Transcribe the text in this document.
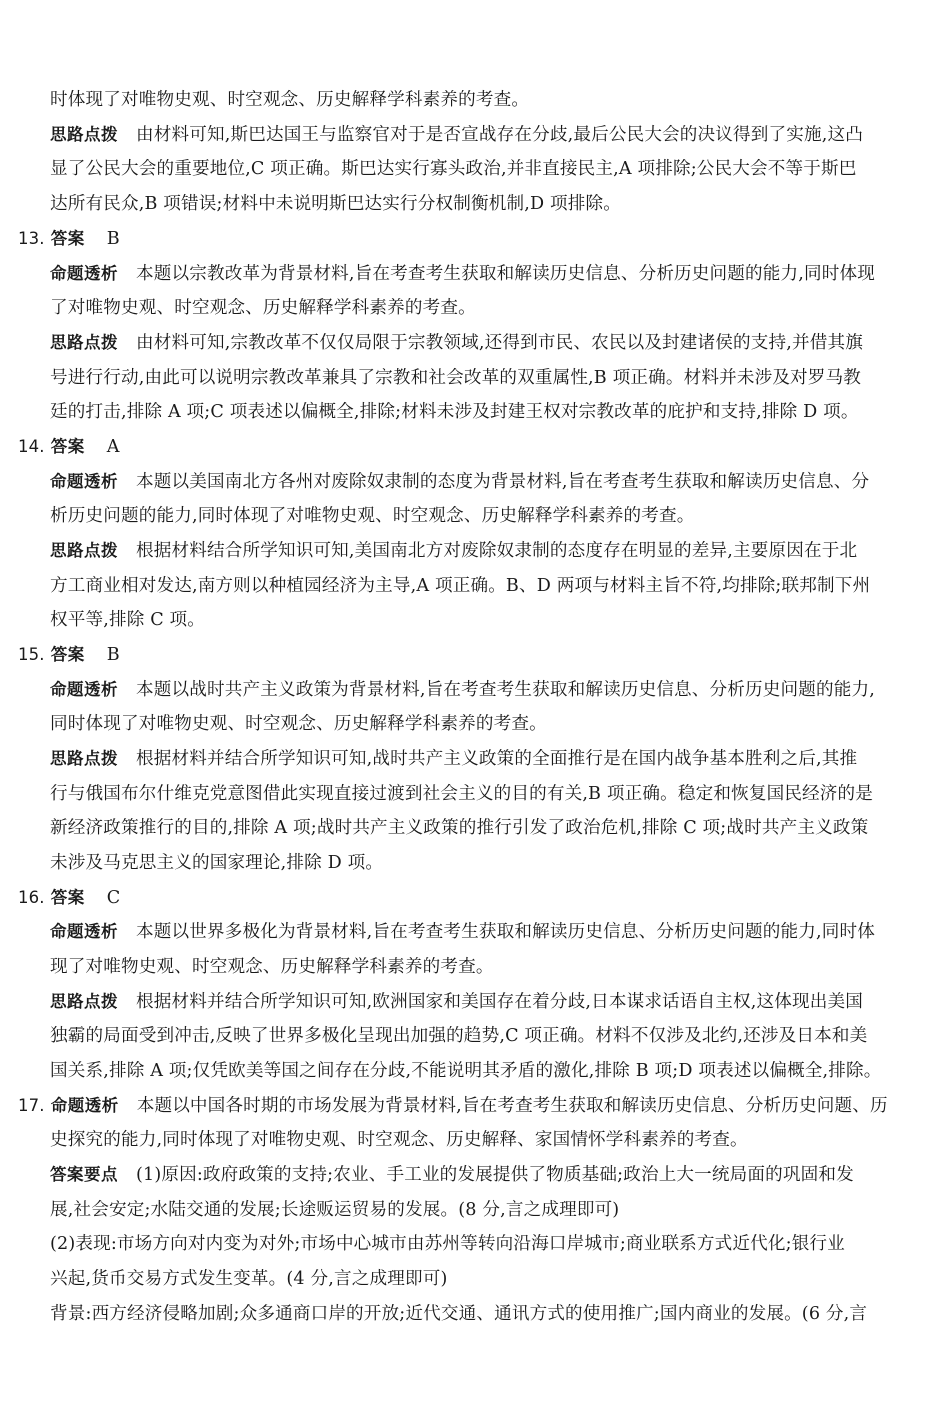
时体现了对唯物史观、时空观念、历史解释学科素养的考查。
思路点拨 由材料可知,斯巴达国王与监察官对于是否宣战存在分歧,最后公民大会的决议得到了实施,这凸
显了公民大会的重要地位,C 项正确。斯巴达实行寡头政治,并非直接民主,A 项排除;公民大会不等于斯巴
达所有民众,B 项错误;材料中未说明斯巴达实行分权制衡机制,D 项排除。
13. 答案 B
命题透析 本题以宗教改革为背景材料,旨在考查考生获取和解读历史信息、分析历史问题的能力,同时体现
了对唯物史观、时空观念、历史解释学科素养的考查。
思路点拨 由材料可知,宗教改革不仅仅局限于宗教领域,还得到市民、农民以及封建诸侯的支持,并借其旗
号进行行动,由此可以说明宗教改革兼具了宗教和社会改革的双重属性,B 项正确。材料并未涉及对罗马教
廷的打击,排除 A 项;C 项表述以偏概全,排除;材料未涉及封建王权对宗教改革的庇护和支持,排除 D 项。
14. 答案 A
命题透析 本题以美国南北方各州对废除奴隶制的态度为背景材料,旨在考查考生获取和解读历史信息、分
析历史问题的能力,同时体现了对唯物史观、时空观念、历史解释学科素养的考查。
思路点拨 根据材料结合所学知识可知,美国南北方对废除奴隶制的态度存在明显的差异,主要原因在于北
方工商业相对发达,南方则以种植园经济为主导,A 项正确。B、D 两项与材料主旨不符,均排除;联邦制下州
权平等,排除 C 项。
15. 答案 B
命题透析 本题以战时共产主义政策为背景材料,旨在考查考生获取和解读历史信息、分析历史问题的能力,
同时体现了对唯物史观、时空观念、历史解释学科素养的考查。
思路点拨 根据材料并结合所学知识可知,战时共产主义政策的全面推行是在国内战争基本胜利之后,其推
行与俄国布尔什维克党意图借此实现直接过渡到社会主义的目的有关,B 项正确。稳定和恢复国民经济的是
新经济政策推行的目的,排除 A 项;战时共产主义政策的推行引发了政治危机,排除 C 项;战时共产主义政策
未涉及马克思主义的国家理论,排除 D 项。
16. 答案 C
命题透析 本题以世界多极化为背景材料,旨在考查考生获取和解读历史信息、分析历史问题的能力,同时体
现了对唯物史观、时空观念、历史解释学科素养的考查。
思路点拨 根据材料并结合所学知识可知,欧洲国家和美国存在着分歧,日本谋求话语自主权,这体现出美国
独霸的局面受到冲击,反映了世界多极化呈现出加强的趋势,C 项正确。材料不仅涉及北约,还涉及日本和美
国关系,排除 A 项;仅凭欧美等国之间存在分歧,不能说明其矛盾的激化,排除 B 项;D 项表述以偏概全,排除。
17. 命题透析 本题以中国各时期的市场发展为背景材料,旨在考查考生获取和解读历史信息、分析历史问题、历
史探究的能力,同时体现了对唯物史观、时空观念、历史解释、家国情怀学科素养的考查。
答案要点 (1)原因:政府政策的支持;农业、手工业的发展提供了物质基础;政治上大一统局面的巩固和发
展,社会安定;水陆交通的发展;长途贩运贸易的发展。(8 分,言之成理即可)
(2)表现:市场方向对内变为对外;市场中心城市由苏州等转向沿海口岸城市;商业联系方式近代化;银行业
兴起,货币交易方式发生变革。(4 分,言之成理即可)
背景:西方经济侵略加剧;众多通商口岸的开放;近代交通、通讯方式的使用推广;国内商业的发展。(6 分,言
